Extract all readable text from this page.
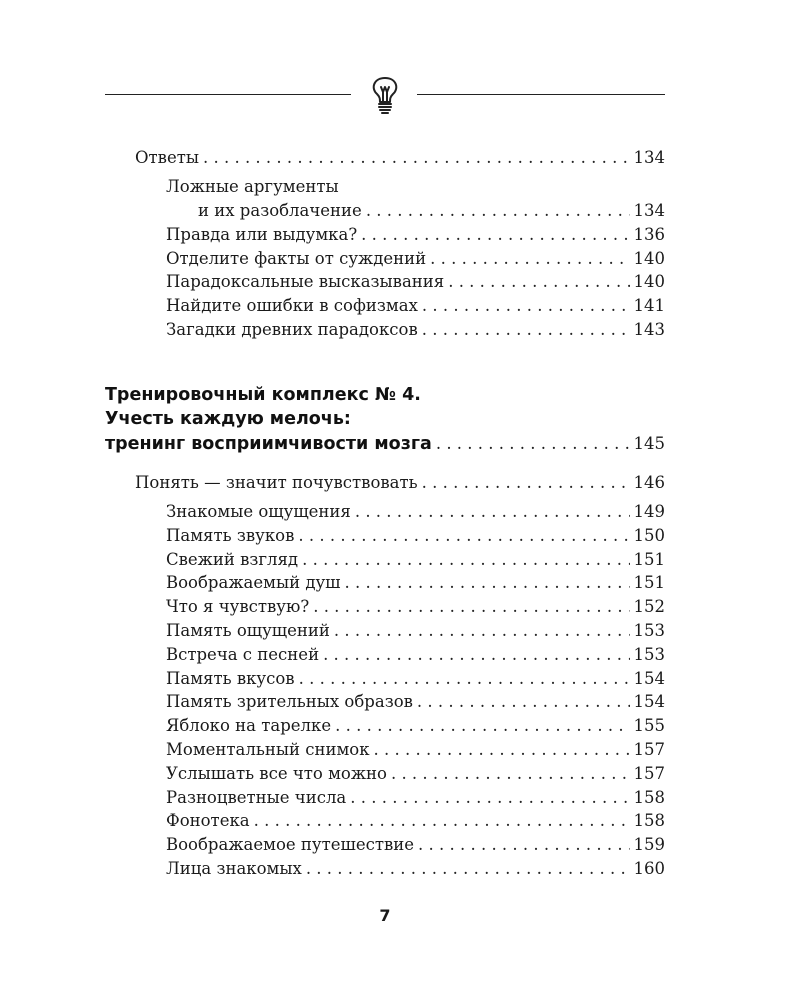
Ответы . . .	134
Ложные аргументы
и их разоблачение . . .	134
Правда или выдумка? . . .	136
Отделите факты от суждений . . .	140
Парадоксальные высказывания . . .	140
Найдите ошибки в софизмах . . .	141
Загадки древних парадоксов . . .	143
Тренировочный комплекс № 4.
Учесть каждую мелочь:
тренинг восприимчивости мозга . . .	145
Понять — значит почувствовать . . .	146
Знакомые ощущения . . .	149
Память звуков . . .	150
Свежий взгляд . . .	151
Воображаемый душ . . .	151
Что я чувствую? . . .	152
Память ощущений . . .	153
Встреча с песней . . .	153
Память вкусов . . .	154
Память зрительных образов . . .	154
Яблоко на тарелке . . .	155
Моментальный снимок . . .	157
Услышать все что можно . . .	157
Разноцветные числа . . .	158
Фонотека . . .	158
Воображаемое путешествие . . .	159
Лица знакомых . . .	160
7
